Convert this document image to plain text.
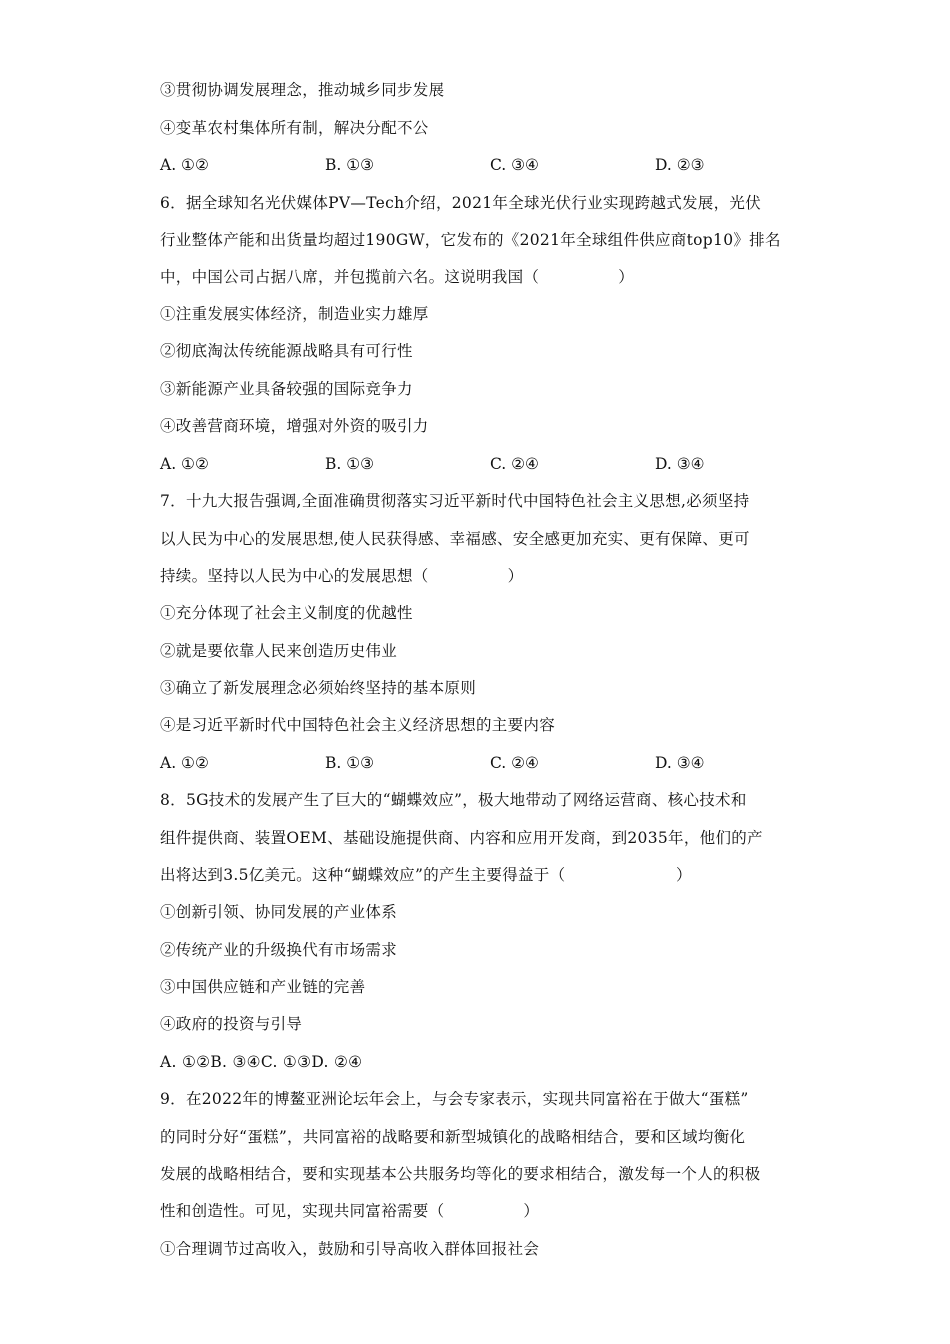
③贯彻协调发展理念，推动城乡同步发展
④变革农村集体所有制，解决分配不公
A. ①②	B. ①③	C. ③④	D. ②③
6．据全球知名光伏媒体PV—Tech介绍，2021年全球光伏行业实现跨越式发展，光伏
行业整体产能和出货量均超过190GW，它发布的《2021年全球组件供应商top10》排名
中，中国公司占据八席，并包揽前六名。这说明我国（　　　　　）
①注重发展实体经济，制造业实力雄厚
②彻底淘汰传统能源战略具有可行性
③新能源产业具备较强的国际竞争力
④改善营商环境，增强对外资的吸引力
A. ①②	B. ①③	C. ②④	D. ③④
7．十九大报告强调,全面准确贯彻落实习近平新时代中国特色社会主义思想,必须坚持
以人民为中心的发展思想,使人民获得感、幸福感、安全感更加充实、更有保障、更可
持续。坚持以人民为中心的发展思想（　　　　　）
①充分体现了社会主义制度的优越性
②就是要依靠人民来创造历史伟业
③确立了新发展理念必须始终坚持的基本原则
④是习近平新时代中国特色社会主义经济思想的主要内容
A. ①②	B. ①③	C. ②④	D. ③④
8．5G技术的发展产生了巨大的“蝴蝶效应”，极大地带动了网络运营商、核心技术和
组件提供商、装置OEM、基础设施提供商、内容和应用开发商，到2035年，他们的产
出将达到3.5亿美元。这种“蝴蝶效应”的产生主要得益于（　　　　　　　）
①创新引领、协同发展的产业体系
②传统产业的升级换代有市场需求
③中国供应链和产业链的完善
④政府的投资与引导
A. ①②B. ③④C. ①③D. ②④
9．在2022年的博鳌亚洲论坛年会上，与会专家表示，实现共同富裕在于做大“蛋糕”
的同时分好“蛋糕”，共同富裕的战略要和新型城镇化的战略相结合，要和区域均衡化
发展的战略相结合，要和实现基本公共服务均等化的要求相结合，激发每一个人的积极
性和创造性。可见，实现共同富裕需要（　　　　　）
①合理调节过高收入，鼓励和引导高收入群体回报社会
